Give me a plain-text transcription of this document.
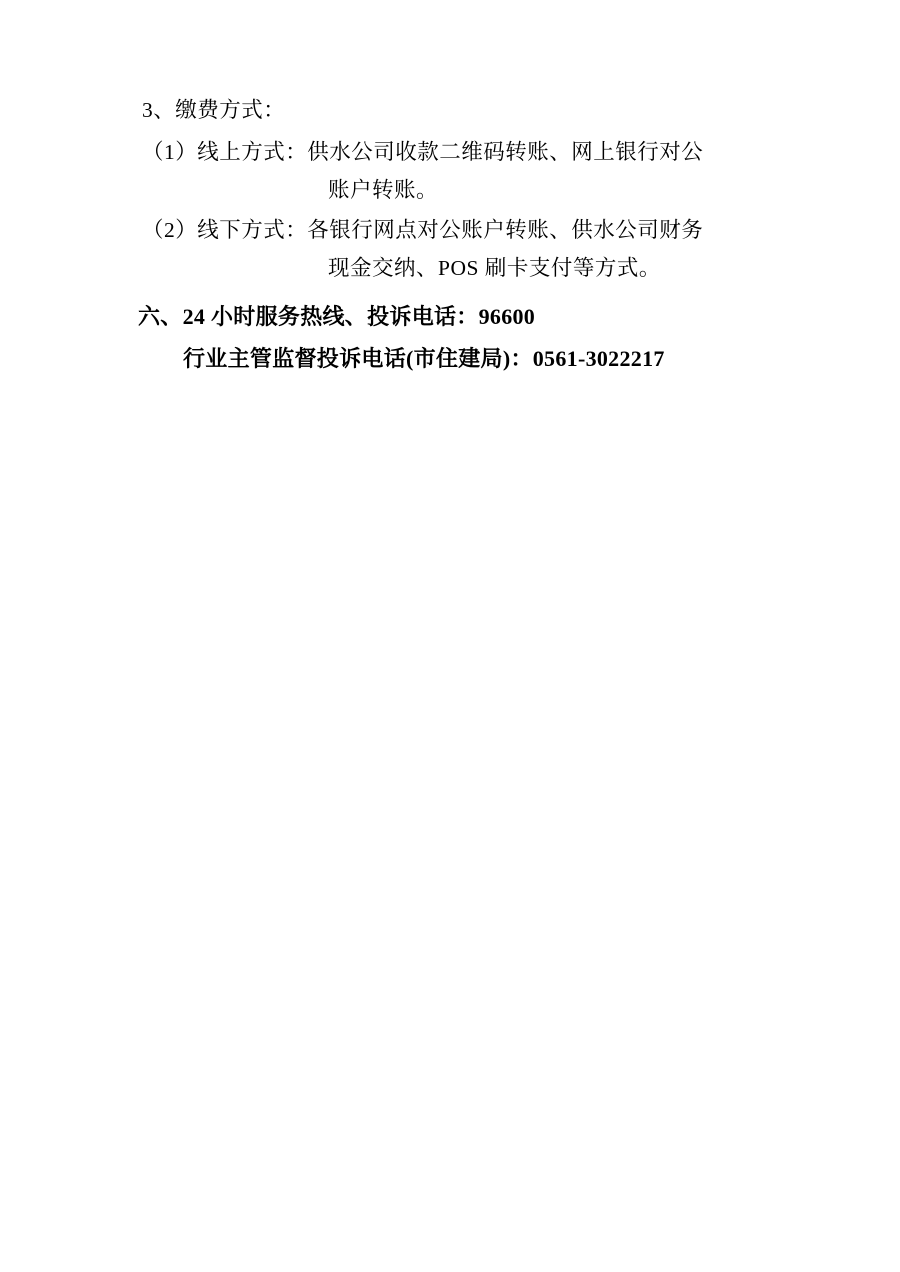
3、缴费方式：
（1）线上方式：供水公司收款二维码转账、网上银行对公
账户转账。
（2）线下方式：各银行网点对公账户转账、供水公司财务
现金交纳、POS 刷卡支付等方式。
六、24 小时服务热线、投诉电话：96600
行业主管监督投诉电话(市住建局)：0561-3022217
